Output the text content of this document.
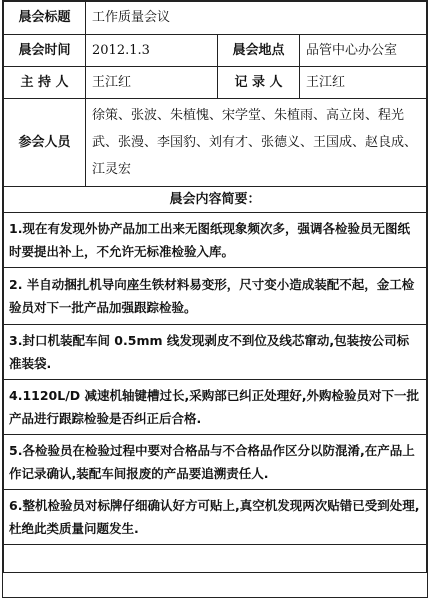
晨会标题	工作质量会议		
晨会时间	2012.1.3	晨会地点	品管中心办公室
主 持 人	王江红	记 录 人	王江红
参会人员	徐策、张波、朱植愧、宋学堂、朱植雨、高立岗、程光武、张漫、李国豹、刘有才、张德义、王国成、赵良成、江灵宏		
晨会内容简要：			
1.现在有发现外协产品加工出来无图纸现象频次多，强调各检验员无图纸时要提出补上，不允许无标准检验入库。			
2. 半自动捆扎机导向座生铁材料易变形，尺寸变小造成装配不起，金工检验员对下一批产品加强跟踪检验。			
3.封口机装配车间 0.5mm 线发现剥皮不到位及线芯窜动,包装按公司标准装袋.			
4.1120L/D 减速机轴键槽过长,采购部已纠正处理好,外购检验员对下一批产品进行跟踪检验是否纠正后合格.			
5.各检验员在检验过程中要对合格品与不合格品作区分以防混淆,在产品上作记录确认,装配车间报废的产品要追溯责任人.			
6.整机检验员对标牌仔细确认好方可贴上,真空机发现两次贴错已受到处理,杜绝此类质量问题发生.			
